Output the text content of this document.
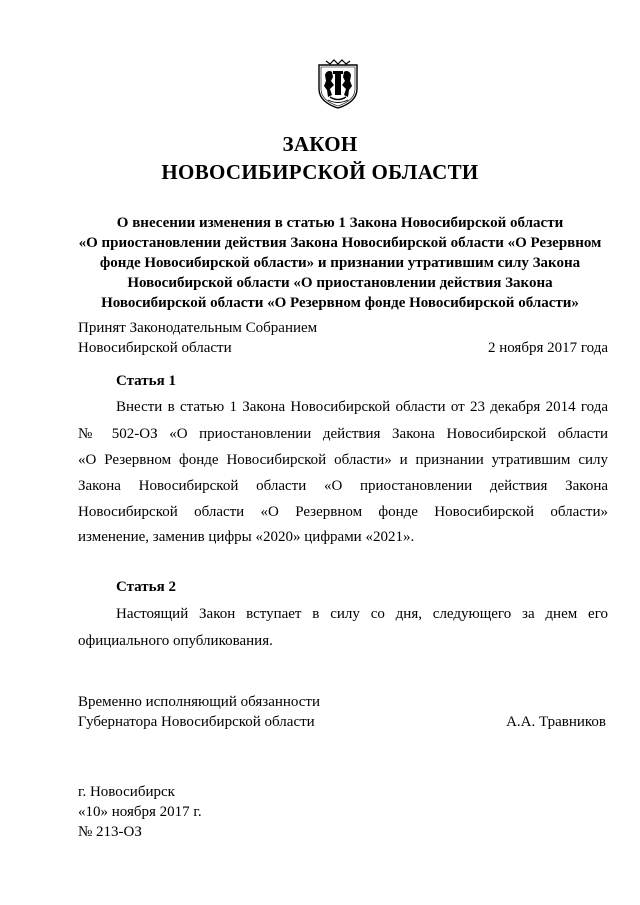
ЗАКОН
НОВОСИБИРСКОЙ ОБЛАСТИ
О внесении изменения в статью 1 Закона Новосибирской области
«О приостановлении действия Закона Новосибирской области «О Резервном
фонде Новосибирской области» и признании утратившим силу Закона
Новосибирской области «О приостановлении действия Закона
Новосибирской области «О Резервном фонде Новосибирской области»
Принят Законодательным Собранием
Новосибирской области	2 ноября 2017 года
Статья 1
Внести в статью 1 Закона Новосибирской области от 23 декабря 2014 года
№ 502-ОЗ «О приостановлении действия Закона Новосибирской области
«О Резервном фонде Новосибирской области» и признании утратившим силу
Закона Новосибирской области «О приостановлении действия Закона
Новосибирской области «О Резервном фонде Новосибирской области»
изменение, заменив цифры «2020» цифрами «2021».
Статья 2
Настоящий Закон вступает в силу со дня, следующего за днем его
официального опубликования.
Временно исполняющий обязанности
Губернатора Новосибирской области	А.А. Травников
г. Новосибирск
«10» ноября 2017 г.
№ 213-ОЗ
